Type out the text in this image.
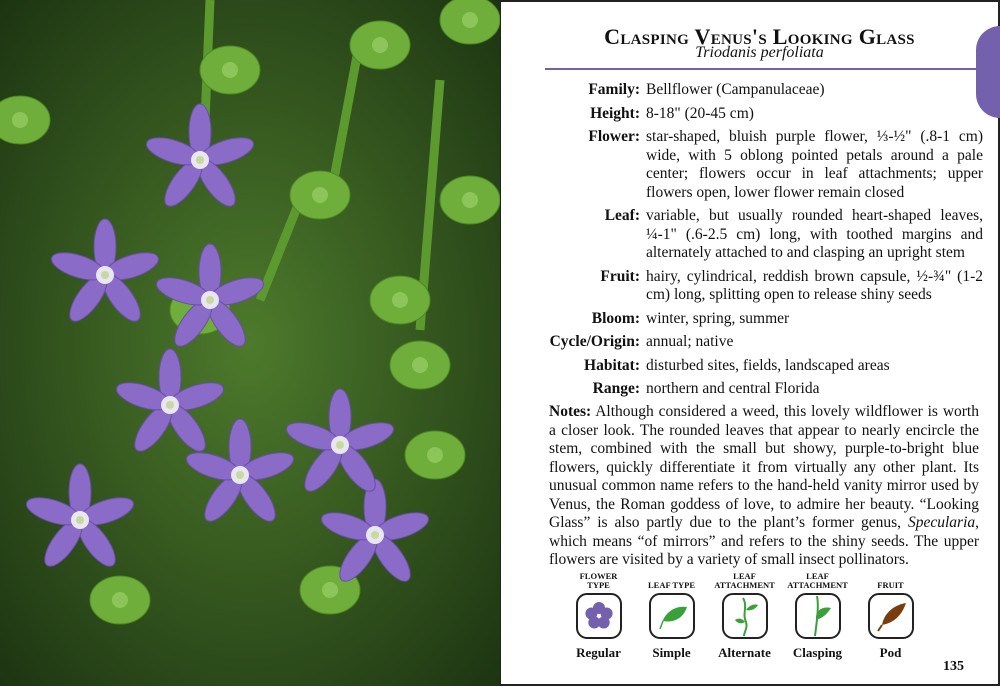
Clasping Venus's Looking Glass
Triodanis perfoliata
Family: Bellflower (Campanulaceae)
Height: 8-18" (20-45 cm)
Flower: star-shaped, bluish purple flower, ⅓-½" (.8-1 cm) wide, with 5 oblong pointed petals around a pale center; flowers occur in leaf attachments; upper flowers open, lower flower remain closed
Leaf: variable, but usually rounded heart-shaped leaves, ¼-1" (.6-2.5 cm) long, with toothed margins and alternately attached to and clasping an upright stem
Fruit: hairy, cylindrical, reddish brown capsule, ½-¾" (1-2 cm) long, splitting open to release shiny seeds
Bloom: winter, spring, summer
Cycle/Origin: annual; native
Habitat: disturbed sites, fields, landscaped areas
Range: northern and central Florida
Notes: Although considered a weed, this lovely wildflower is worth a closer look. The rounded leaves that appear to nearly encircle the stem, combined with the small but showy, purple-to-bright blue flowers, quickly differentiate it from virtually any other plant. Its unusual common name refers to the hand-held vanity mirror used by Venus, the Roman goddess of love, to admire her beauty. “Looking Glass” is also partly due to the plant’s former genus, Specularia, which means “of mirrors” and refers to the shiny seeds. The upper flowers are visited by a variety of small insect pollinators.
FLOWER
TYPE
Regular
LEAF TYPE
Simple
LEAF
ATTACHMENT
Alternate
LEAF
ATTACHMENT
Clasping
FRUIT
Pod
135
